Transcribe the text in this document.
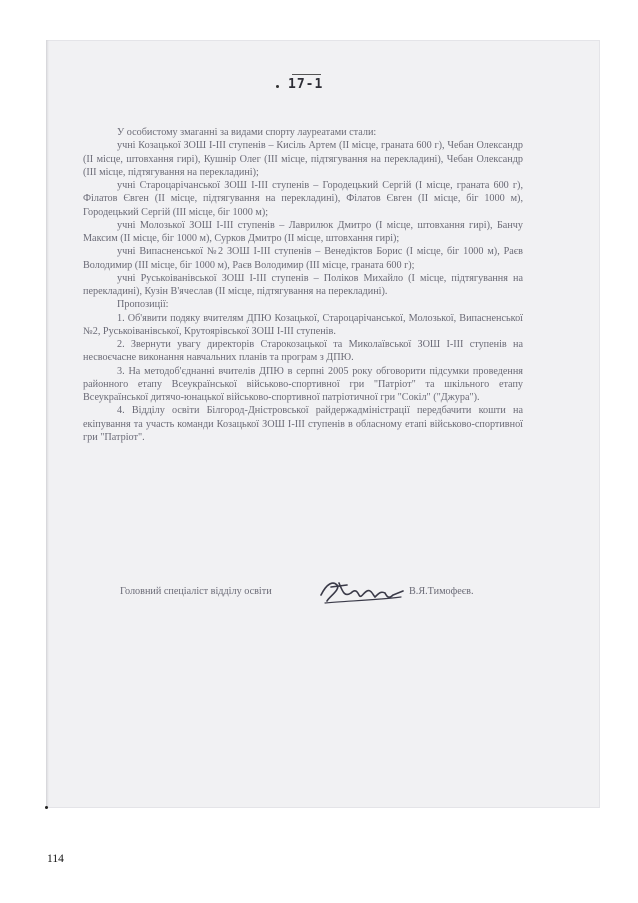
17-1

У особистому змаганні за видами спорту лауреатами стали:

учні Козацької ЗОШ I-III ступенів – Кисіль Артем (II місце, граната 600 г), Чебан Олександр (II місце, штовхання гирі), Кушнір Олег (III місце, підтягування на перекладині), Чебан Олександр (III місце, підтягування на перекладині);

учні Староцарічанської ЗОШ I-III ступенів – Городецький Сергій (I місце, граната 600 г), Філатов Євген (II місце, підтягування на перекладині), Філатов Євген (II місце, біг 1000 м), Городецький Сергій (III місце, біг 1000 м);

учні Молозької ЗОШ I-III ступенів – Лаврилюк Дмитро (I місце, штовхання гирі), Банчу Максим (II місце, біг 1000 м), Сурков Дмитро (II місце, штовхання гирі);

учні Випасненської №2 ЗОШ I-III ступенів – Венедіктов Борис (I місце, біг 1000 м), Раєв Володимир (III місце, біг 1000 м), Раєв Володимир (III місце, граната 600 г);

учні Руськоіванівської ЗОШ I-III ступенів – Поліков Михайло (I місце, підтягування на перекладині), Кузін В'ячеслав (II місце, підтягування на перекладині).

Пропозиції:

1. Об'явити подяку вчителям ДПЮ Козацької, Староцарічанської, Молозької, Випасненської №2, Руськоіванівської, Крутоярівської ЗОШ I-III ступенів.

2. Звернути увагу директорів Старокозацької та Миколаївської ЗОШ I-III ступенів на несвоєчасне виконання навчальних планів та програм з ДПЮ.

3. На методоб'єднанні вчителів ДПЮ в серпні 2005 року обговорити підсумки проведення районного етапу Всеукраїнської військово-спортивної гри "Патріот" та шкільного етапу Всеукраїнської дитячо-юнацької військово-спортивної патріотичної гри "Сокіл" ("Джура").

4. Відділу освіти Білгород-Дністровської райдержадміністрації передбачити кошти на екіпування та участь команди Козацької ЗОШ I-III ступенів в обласному етапі військово-спортивної гри "Патріот".

Головний спеціаліст відділу освіти	В.Я.Тимофеєв.
114
